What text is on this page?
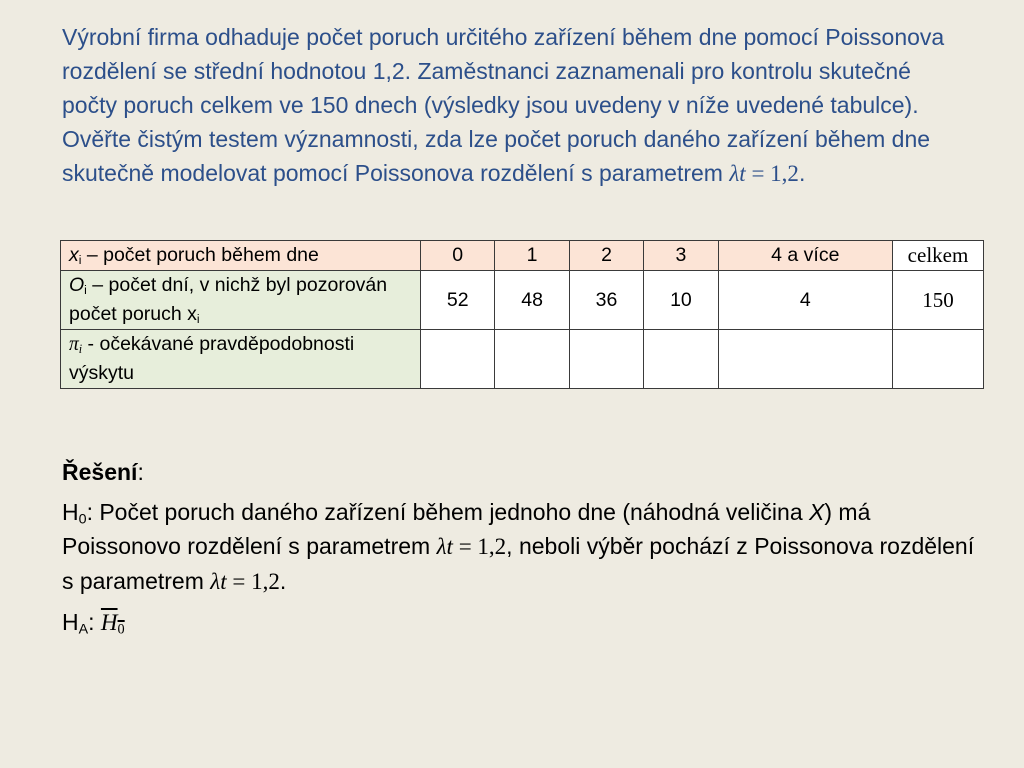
Výrobní firma odhaduje počet poruch určitého zařízení během dne pomocí Poissonova rozdělení se střední hodnotou 1,2. Zaměstnanci zaznamenali pro kontrolu skutečné počty poruch celkem ve 150 dnech (výsledky jsou uvedeny v níže uvedené tabulce). Ověřte čistým testem významnosti, zda lze počet poruch daného zařízení během dne skutečně modelovat pomocí Poissonova rozdělení s parametrem λt = 1,2.

$x_i$ – počet poruch během dne	0	1	2	3	4 a více	celkem
$O_i$ – počet dní, v nichž byl pozorován počet poruch $x_i$	52	48	36	10	4	150
$\pi_i$ - očekávané pravděpodobnosti výskytu						

Řešení:

$H_0$: Počet poruch daného zařízení během jednoho dne (náhodná veličina X) má Poissonovo rozdělení s parametrem λt = 1,2, neboli výběr pochází z Poissonova rozdělení s parametrem λt = 1,2.

$H_A$: $H_0$
